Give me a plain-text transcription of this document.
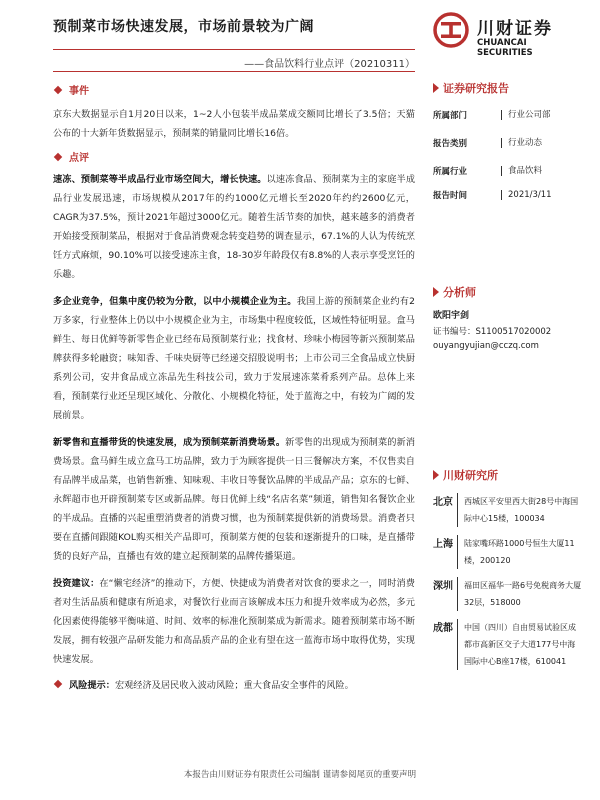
预制菜市场快速发展，市场前景较为广阔
——食品饮料行业点评（20210311）
川财证券
CHUANCAI SECURITIES
事件

京东大数据显示自1月20日以来，1~2人小包装半成品菜成交额同比增长了3.5倍；天猫公布的十大新年货数据显示，预制菜的销量同比增长16倍。

点评

速冻、预制菜等半成品行业市场空间大，增长快速。以速冻食品、预制菜为主的家庭半成品行业发展迅速，市场规模从2017年的约1000亿元增长至2020年约约2600亿元，CAGR为37.5%，预计2021年超过3000亿元。随着生活节奏的加快，越来越多的消费者开始接受预制菜品，根据对于食品消费观念转变趋势的调查显示，67.1%的人认为传统烹饪方式麻烦，90.10%可以接受速冻主食，18-30岁年龄段仅有8.8%的人表示享受烹饪的乐趣。

多企业竞争，但集中度仍较为分散，以中小规模企业为主。我国上游的预制菜企业约有2万多家，行业整体上仍以中小规模企业为主，市场集中程度较低，区域性特征明显。盒马鲜生、每日优鲜等新零售企业已经布局预制菜行业；找食材、珍味小梅园等新兴预制菜品牌获得多轮融资；味知香、千味央厨等已经递交招股说明书；上市公司三全食品成立快厨系列公司，安井食品成立冻品先生科技公司，致力于发展速冻菜肴系列产品。总体上来看，预制菜行业还呈现区域化、分散化、小规模化特征，处于蓝海之中，有较为广阔的发展前景。

新零售和直播带货的快速发展，成为预制菜新消费场景。新零售的出现成为预制菜的新消费场景。盒马鲜生成立盒马工坊品牌，致力于为顾客提供一日三餐解决方案，不仅售卖自有品牌半成品菜，也销售新雅、知味观、丰收日等餐饮品牌的半成品产品；京东的七鲜、永辉超市也开辟预制菜专区或新品牌。每日优鲜上线“名店名菜”频道，销售知名餐饮企业的半成品。直播的兴起重塑消费者的消费习惯，也为预制菜提供新的消费场景。消费者只要在直播间跟随KOL购买相关产品即可，预制菜方便的包装和逐渐提升的口味，是直播带货的良好产品，直播也有效的建立起预制菜的品牌传播渠道。

投资建议：在“懒宅经济”的推动下，方便、快捷成为消费者对饮食的要求之一，同时消费者对生活品质和健康有所追求，对餐饮行业而言该解成本压力和提升效率成为必然，多元化因素使得能够平衡味道、时间、效率的标准化预制菜成为新需求。随着预制菜市场不断发展，拥有较强产品研发能力和高品质产品的企业有望在这一蓝海市场中取得优势，实现快速发展。

风险提示： 宏观经济及居民收入波动风险；重大食品安全事件的风险。
证券研究报告
所属部门	行业公司部
报告类别	行业动态
所属行业	食品饮料
报告时间	2021/3/11
分析师
欧阳宇剑
证书编号：S1100517020002
ouyangyujian@cczq.com
川财研究所
北京	西城区平安里西大街28号中海国际中心15楼，100034
上海	陆家嘴环路1000号恒生大厦11楼，200120
深圳	福田区福华一路6号免税商务大厦32层，518000
成都	中国（四川）自由贸易试验区成都市高新区交子大道177号中海国际中心B座17楼，610041
本报告由川财证券有限责任公司编制 谨请参阅尾页的重要声明
